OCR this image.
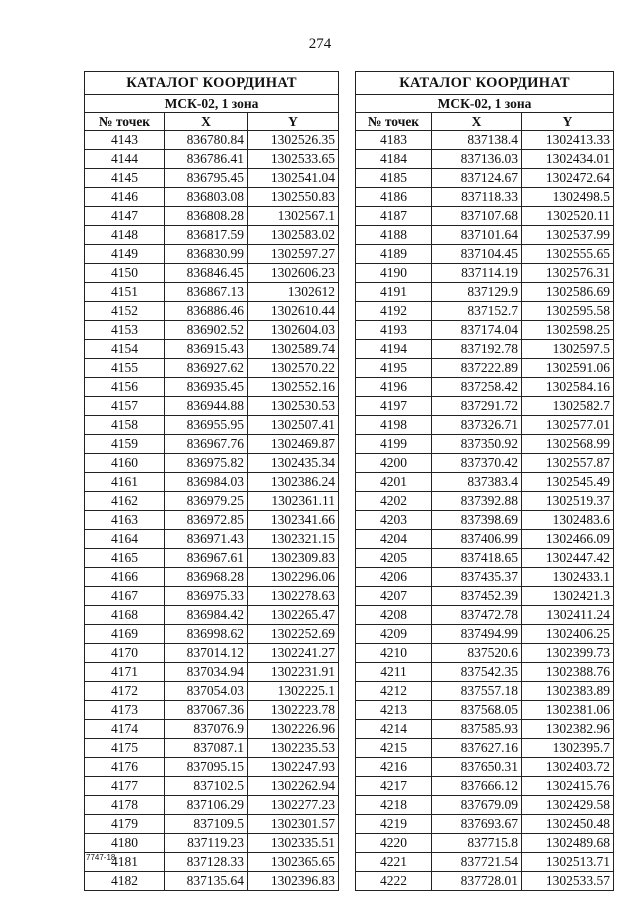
274
КАТАЛОГ КООРДИНАТ		
МСК-02, 1 зона		
№ точек	X	Y
4143	836780.84	1302526.35
4144	836786.41	1302533.65
4145	836795.45	1302541.04
4146	836803.08	1302550.83
4147	836808.28	1302567.1
4148	836817.59	1302583.02
4149	836830.99	1302597.27
4150	836846.45	1302606.23
4151	836867.13	1302612
4152	836886.46	1302610.44
4153	836902.52	1302604.03
4154	836915.43	1302589.74
4155	836927.62	1302570.22
4156	836935.45	1302552.16
4157	836944.88	1302530.53
4158	836955.95	1302507.41
4159	836967.76	1302469.87
4160	836975.82	1302435.34
4161	836984.03	1302386.24
4162	836979.25	1302361.11
4163	836972.85	1302341.66
4164	836971.43	1302321.15
4165	836967.61	1302309.83
4166	836968.28	1302296.06
4167	836975.33	1302278.63
4168	836984.42	1302265.47
4169	836998.62	1302252.69
4170	837014.12	1302241.27
4171	837034.94	1302231.91
4172	837054.03	1302225.1
4173	837067.36	1302223.78
4174	837076.9	1302226.96
4175	837087.1	1302235.53
4176	837095.15	1302247.93
4177	837102.5	1302262.94
4178	837106.29	1302277.23
4179	837109.5	1302301.57
4180	837119.23	1302335.51
4181	837128.33	1302365.65
4182	837135.64	1302396.83
КАТАЛОГ КООРДИНАТ		
МСК-02, 1 зона		
№ точек	X	Y
4183	837138.4	1302413.33
4184	837136.03	1302434.01
4185	837124.67	1302472.64
4186	837118.33	1302498.5
4187	837107.68	1302520.11
4188	837101.64	1302537.99
4189	837104.45	1302555.65
4190	837114.19	1302576.31
4191	837129.9	1302586.69
4192	837152.7	1302595.58
4193	837174.04	1302598.25
4194	837192.78	1302597.5
4195	837222.89	1302591.06
4196	837258.42	1302584.16
4197	837291.72	1302582.7
4198	837326.71	1302577.01
4199	837350.92	1302568.99
4200	837370.42	1302557.87
4201	837383.4	1302545.49
4202	837392.88	1302519.37
4203	837398.69	1302483.6
4204	837406.99	1302466.09
4205	837418.65	1302447.42
4206	837435.37	1302433.1
4207	837452.39	1302421.3
4208	837472.78	1302411.24
4209	837494.99	1302406.25
4210	837520.6	1302399.73
4211	837542.35	1302388.76
4212	837557.18	1302383.89
4213	837568.05	1302381.06
4214	837585.93	1302382.96
4215	837627.16	1302395.7
4216	837650.31	1302403.72
4217	837666.12	1302415.76
4218	837679.09	1302429.58
4219	837693.67	1302450.48
4220	837715.8	1302489.68
4221	837721.54	1302513.71
4222	837728.01	1302533.57
7747-18
